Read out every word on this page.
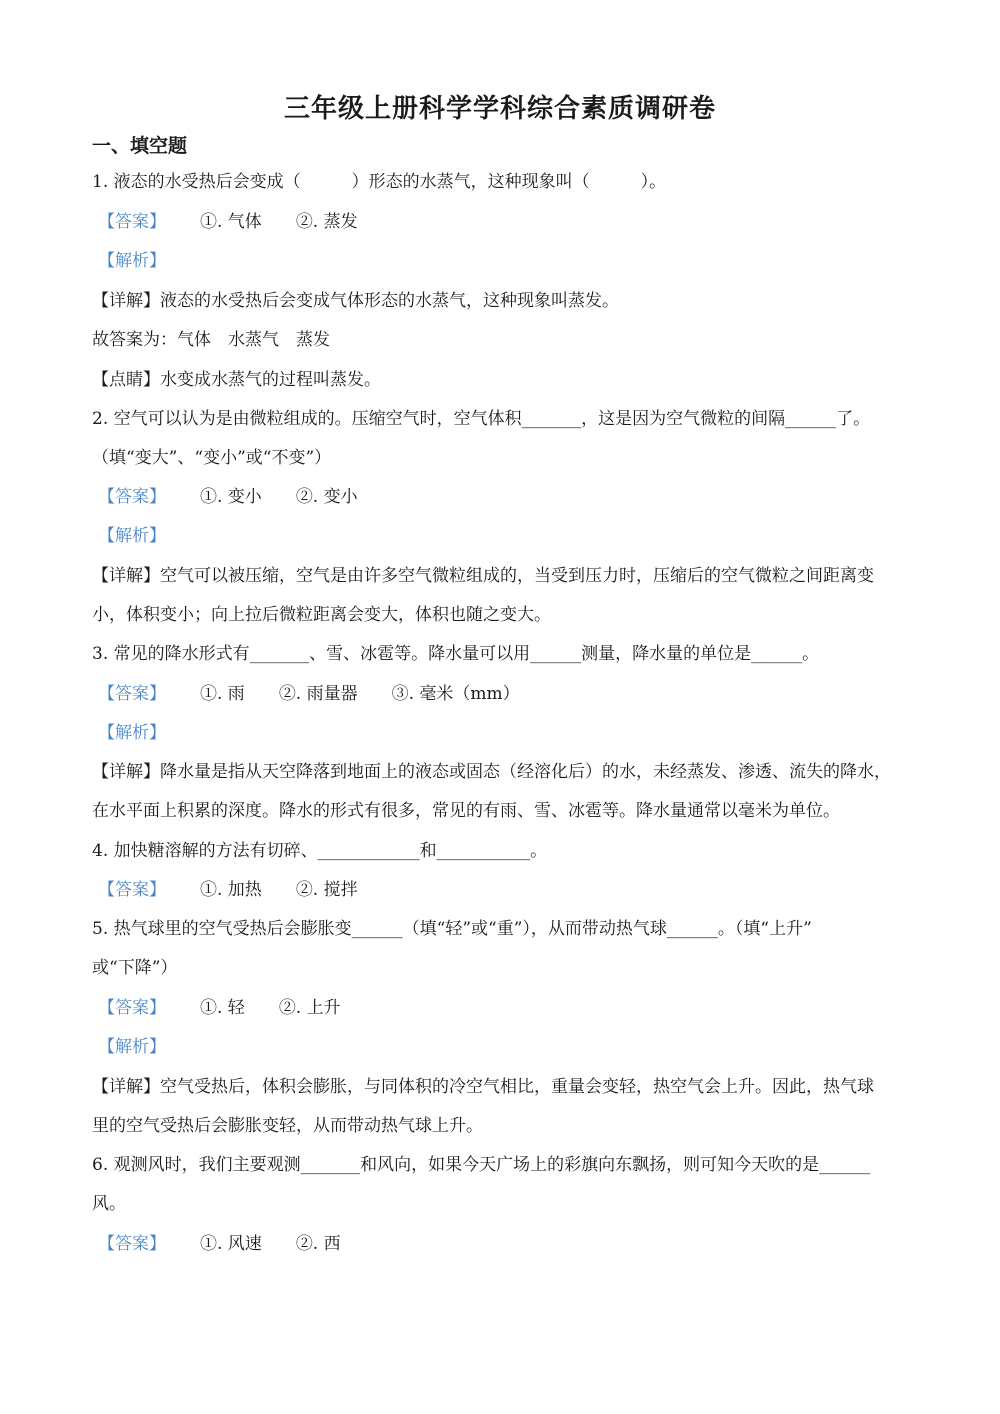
三年级上册科学学科综合素质调研卷
一、填空题
1. 液态的水受热后会变成（　　　）形态的水蒸气，这种现象叫（　　　）。
【答案】 ①. 气体 ②. 蒸发
【解析】
【详解】液态的水受热后会变成气体形态的水蒸气，这种现象叫蒸发。
故答案为：气体　水蒸气　蒸发
【点睛】水变成水蒸气的过程叫蒸发。
2. 空气可以认为是由微粒组成的。压缩空气时，空气体积_______，这是因为空气微粒的间隔______了。
（填“变大”、“变小”或“不变”）
【答案】 ①. 变小 ②. 变小
【解析】
【详解】空气可以被压缩，空气是由许多空气微粒组成的，当受到压力时，压缩后的空气微粒之间距离变
小，体积变小；向上拉后微粒距离会变大，体积也随之变大。
3. 常见的降水形式有_______、雪、冰雹等。降水量可以用______测量，降水量的单位是______。
【答案】 ①. 雨 ②. 雨量器 ③. 毫米（mm）
【解析】
【详解】降水量是指从天空降落到地面上的液态或固态（经溶化后）的水，未经蒸发、渗透、流失的降水，
在水平面上积累的深度。降水的形式有很多，常见的有雨、雪、冰雹等。降水量通常以毫米为单位。
4. 加快糖溶解的方法有切碎、____________和___________。
【答案】 ①. 加热 ②. 搅拌
5. 热气球里的空气受热后会膨胀变______（填“轻”或“重”），从而带动热气球______。（填“上升”
或“下降”）
【答案】 ①. 轻 ②. 上升
【解析】
【详解】空气受热后，体积会膨胀，与同体积的冷空气相比，重量会变轻，热空气会上升。因此，热气球
里的空气受热后会膨胀变轻，从而带动热气球上升。
6. 观测风时，我们主要观测_______和风向，如果今天广场上的彩旗向东飘扬，则可知今天吹的是______
风。
【答案】 ①. 风速 ②. 西
